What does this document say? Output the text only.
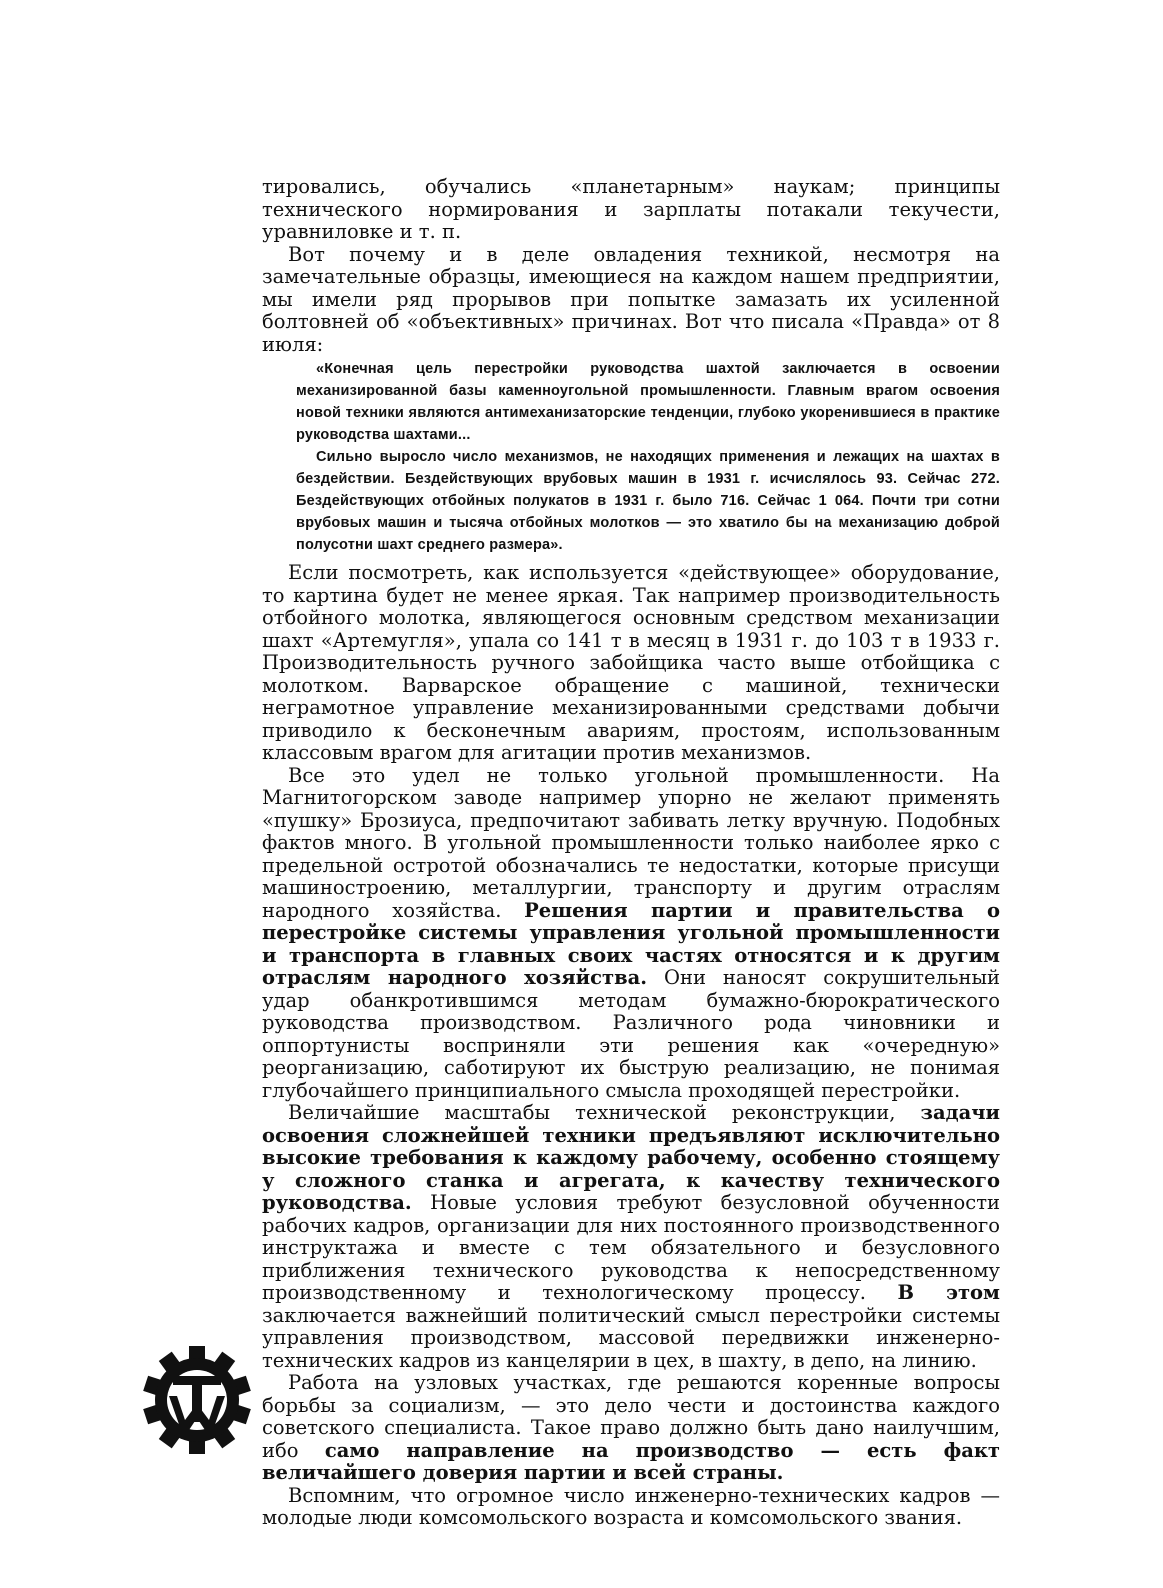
тировались, обучались «планетарным» наукам; принципы технического нормирования и зарплаты потакали текучести, уравниловке и т. п.

Вот почему и в деле овладения техникой, несмотря на замечательные образцы, имеющиеся на каждом нашем предприятии, мы имели ряд прорывов при попытке замазать их усиленной болтовней об «объективных» причинах. Вот что писала «Правда» от 8 июля:

«Конечная цель перестройки руководства шахтой заключается в освоении механизированной базы каменноугольной промышленности. Главным врагом освоения новой техники являются антимеханизаторские тенденции, глубоко укоренившиеся в практике руководства шахтами...

Сильно выросло число механизмов, не находящих применения и лежащих на шахтах в бездействии. Бездействующих врубовых машин в 1931 г. исчислялось 93. Сейчас 272. Бездействующих отбойных полукатов в 1931 г. было 716. Сейчас 1 064. Почти три сотни врубовых машин и тысяча отбойных молотков — это хватило бы на механизацию доброй полусотни шахт среднего размера».

Если посмотреть, как используется «действующее» оборудование, то картина будет не менее яркая. Так например производительность отбойного молотка, являющегося основным средством механизации шахт «Артемугля», упала со 141 т в месяц в 1931 г. до 103 т в 1933 г. Производительность ручного забойщика часто выше отбойщика с молотком. Варварское обращение с машиной, технически неграмотное управление механизированными средствами добычи приводило к бесконечным авариям, простоям, использованным классовым врагом для агитации против механизмов.

Все это удел не только угольной промышленности. На Магнитогорском заводе например упорно не желают применять «пушку» Брозиуса, предпочитают забивать летку вручную. Подобных фактов много. В угольной промышленности только наиболее ярко с предельной остротой обозначались те недостатки, которые присущи машиностроению, металлургии, транспорту и другим отраслям народного хозяйства. Решения партии и правительства о перестройке системы управления угольной промышленности и транспорта в главных своих частях относятся и к другим отраслям народного хозяйства. Они наносят сокрушительный удар обанкротившимся методам бумажно-бюрократического руководства производством. Различного рода чиновники и оппортунисты восприняли эти решения как «очередную» реорганизацию, саботируют их быструю реализацию, не понимая глубочайшего принципиального смысла проходящей перестройки.

Величайшие масштабы технической реконструкции, задачи освоения сложнейшей техники предъявляют исключительно высокие требования к каждому рабочему, особенно стоящему у сложного станка и агрегата, к качеству технического руководства. Новые условия требуют безусловной обученности рабочих кадров, организации для них постоянного производственного инструктажа и вместе с тем обязательного и безусловного приближения технического руководства к непосредственному производственному и технологическому процессу. В этом заключается важнейший политический смысл перестройки системы управления производством, массовой передвижки инженерно-технических кадров из канцелярии в цех, в шахту, в депо, на линию.

Работа на узловых участках, где решаются коренные вопросы борьбы за социализм, — это дело чести и достоинства каждого советского специалиста. Такое право должно быть дано наилучшим, ибо само направление на производство — есть факт величайшего доверия партии и всей страны.

Вспомним, что огромное число инженерно-технических кадров — молодые люди комсомольского возраста и комсомольского звания.
